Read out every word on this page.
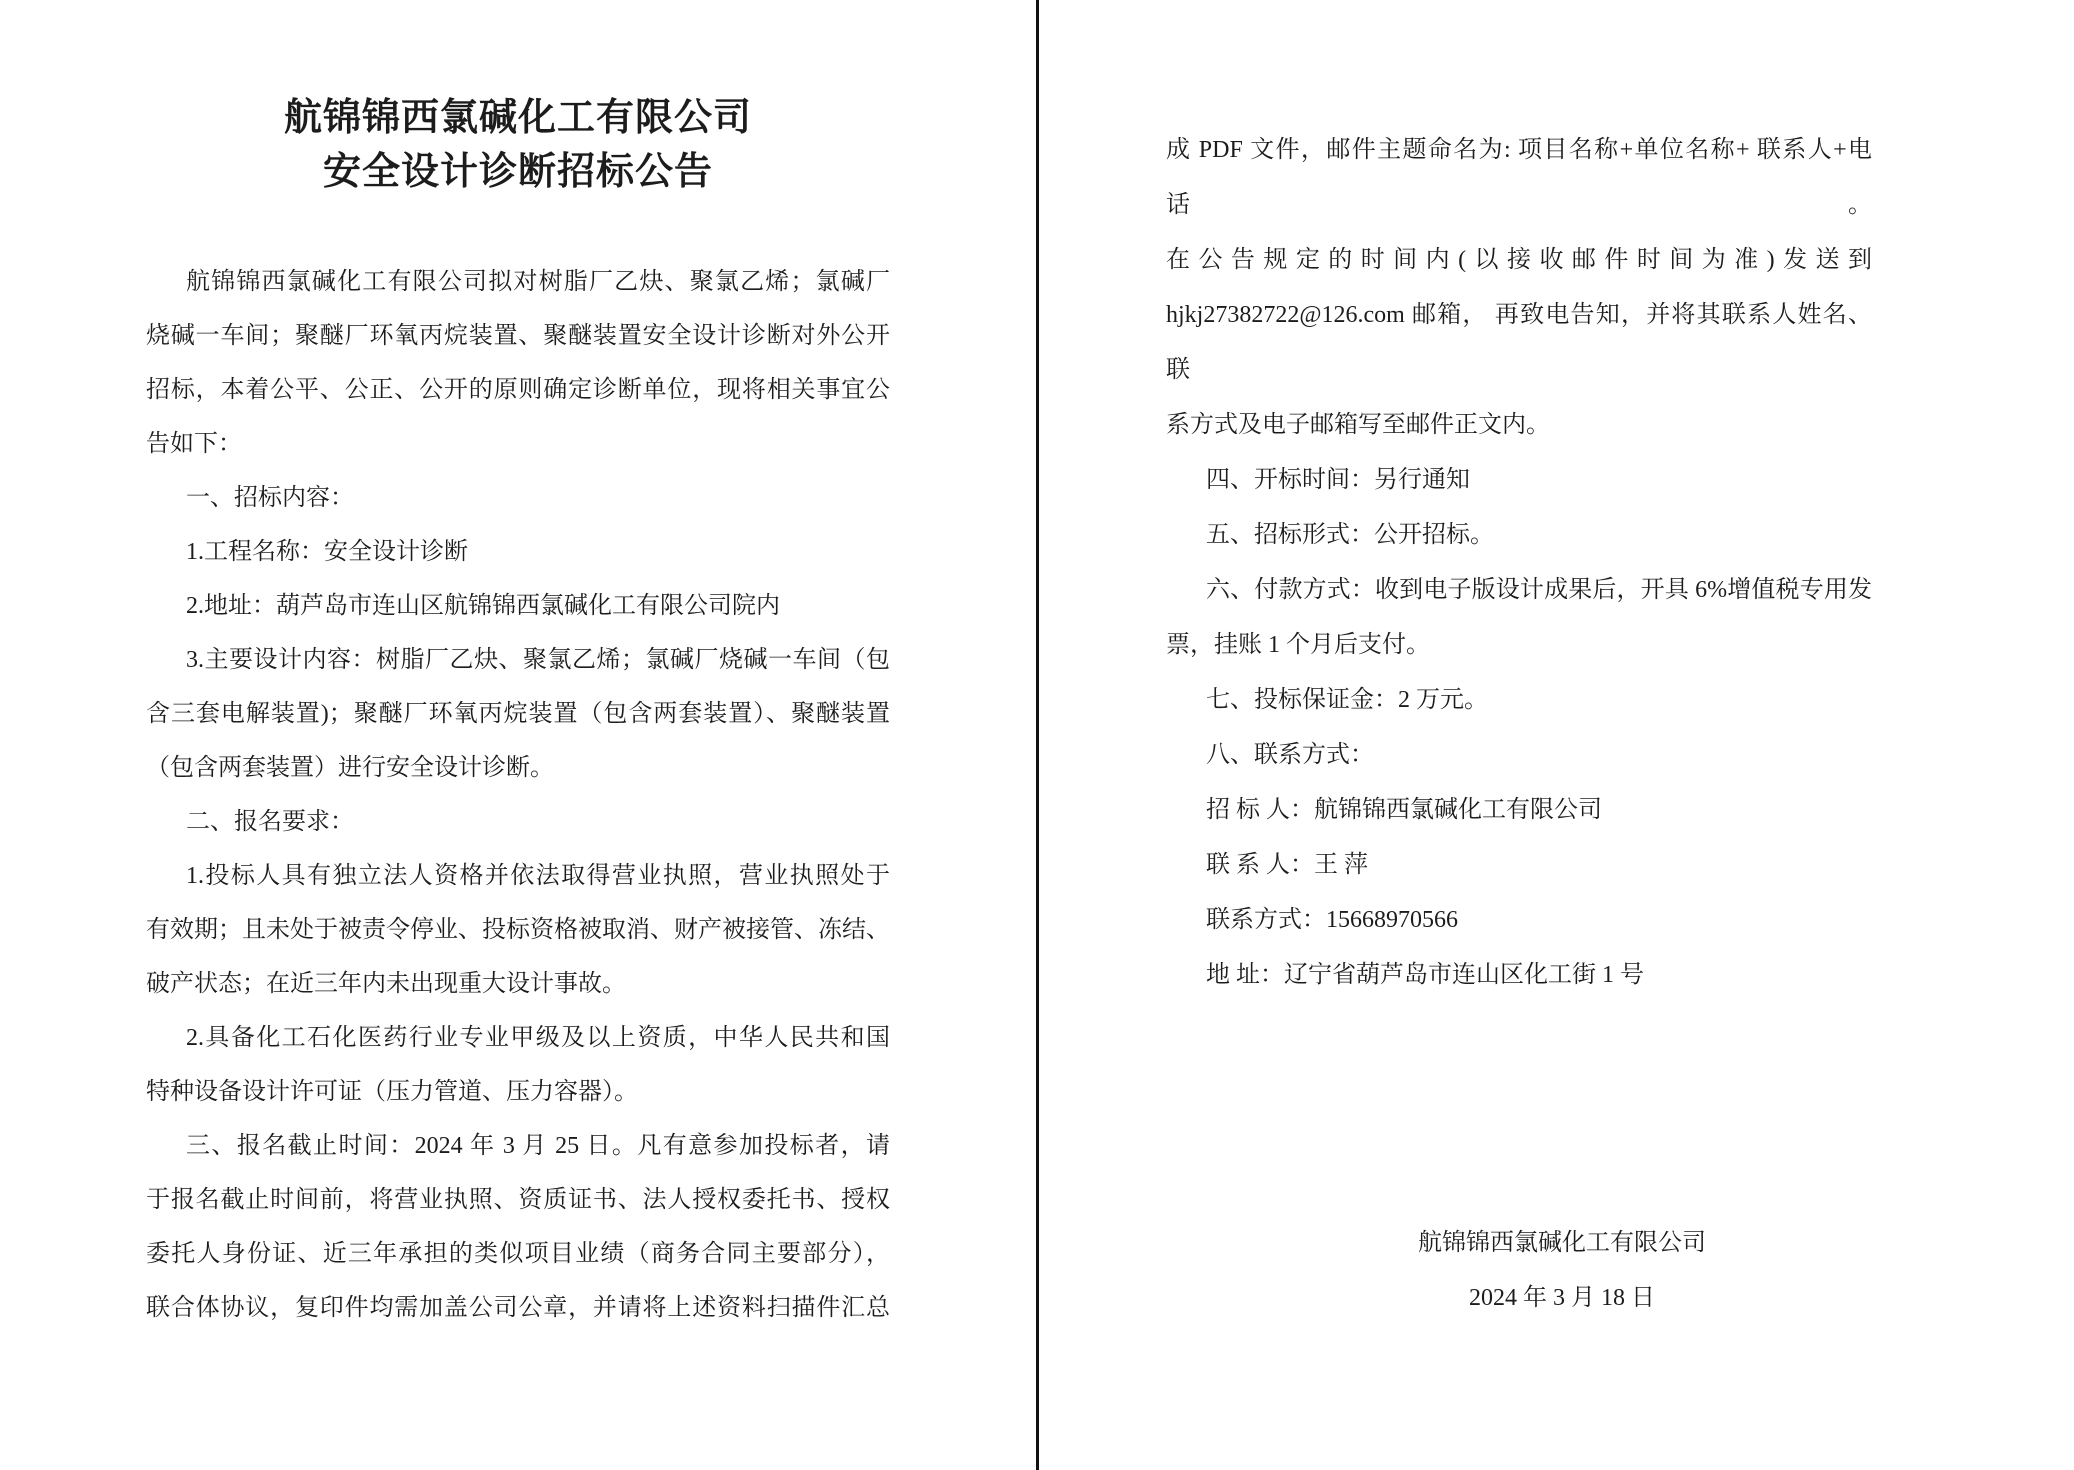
航锦锦西氯碱化工有限公司
安全设计诊断招标公告
航锦锦西氯碱化工有限公司拟对树脂厂乙炔、聚氯乙烯；氯碱厂
烧碱一车间；聚醚厂环氧丙烷装置、聚醚装置安全设计诊断对外公开
招标，本着公平、公正、公开的原则确定诊断单位，现将相关事宜公
告如下：
一、招标内容：
1.工程名称：安全设计诊断
2.地址：葫芦岛市连山区航锦锦西氯碱化工有限公司院内
3.主要设计内容：树脂厂乙炔、聚氯乙烯；氯碱厂烧碱一车间（包
含三套电解装置)；聚醚厂环氧丙烷装置（包含两套装置）、聚醚装置
（包含两套装置）进行安全设计诊断。
二、报名要求：
1.投标人具有独立法人资格并依法取得营业执照，营业执照处于
有效期；且未处于被责令停业、投标资格被取消、财产被接管、冻结、
破产状态；在近三年内未出现重大设计事故。
2.具备化工石化医药行业专业甲级及以上资质，中华人民共和国
特种设备设计许可证（压力管道、压力容器）。
三、报名截止时间：2024 年 3 月 25 日。凡有意参加投标者，请
于报名截止时间前，将营业执照、资质证书、法人授权委托书、授权
委托人身份证、近三年承担的类似项目业绩（商务合同主要部分），
联合体协议，复印件均需加盖公司公章，并请将上述资料扫描件汇总
成 PDF 文件，邮件主题命名为: 项目名称+单位名称+ 联系人+电话。
在公告规定的时间内(以接收邮件时间为准)发送到
hjkj27382722@126.com 邮箱， 再致电告知，并将其联系人姓名、联
系方式及电子邮箱写至邮件正文内。
四、开标时间：另行通知
五、招标形式：公开招标。
六、付款方式：收到电子版设计成果后，开具 6%增值税专用发
票，挂账 1 个月后支付。
七、投标保证金：2 万元。
八、联系方式：
招 标 人：航锦锦西氯碱化工有限公司
联 系 人：王 萍
联系方式：15668970566
地 址：辽宁省葫芦岛市连山区化工街 1 号
航锦锦西氯碱化工有限公司
2024 年 3 月 18 日
